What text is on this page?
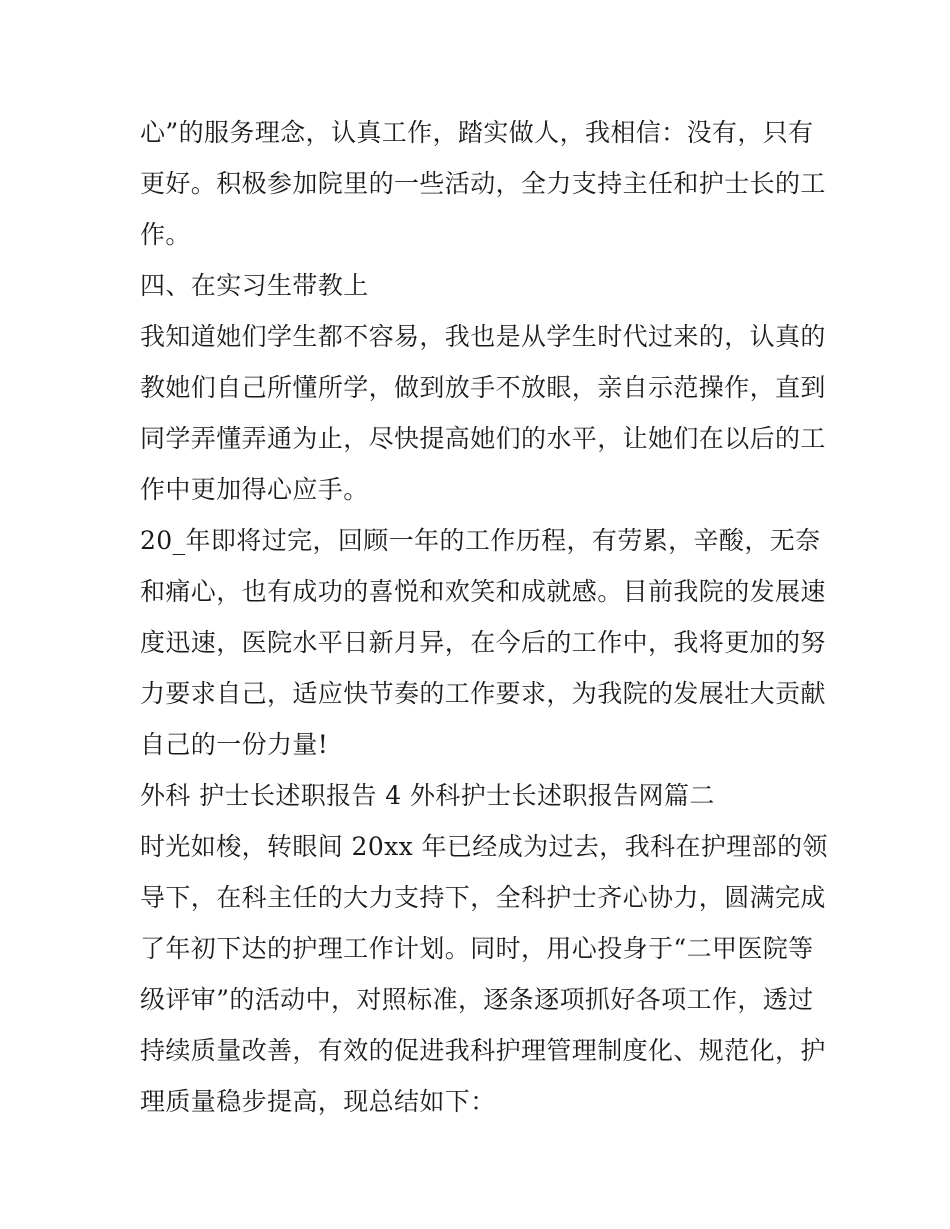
心”的服务理念，认真工作，踏实做人，我相信：没有，只有
更好。积极参加院里的一些活动，全力支持主任和护士长的工
作。
四、在实习生带教上
我知道她们学生都不容易，我也是从学生时代过来的，认真的
教她们自己所懂所学，做到放手不放眼，亲自示范操作，直到
同学弄懂弄通为止，尽快提高她们的水平，让她们在以后的工
作中更加得心应手。
20_年即将过完，回顾一年的工作历程，有劳累，辛酸，无奈
和痛心，也有成功的喜悦和欢笑和成就感。目前我院的发展速
度迅速，医院水平日新月异，在今后的工作中，我将更加的努
力要求自己，适应快节奏的工作要求，为我院的发展壮大贡献
自己的一份力量!
外科 护士长述职报告 4 外科护士长述职报告网篇二
时光如梭，转眼间 20xx 年已经成为过去，我科在护理部的领
导下，在科主任的大力支持下，全科护士齐心协力，圆满完成
了年初下达的护理工作计划。同时，用心投身于“二甲医院等
级评审”的活动中，对照标准，逐条逐项抓好各项工作，透过
持续质量改善，有效的促进我科护理管理制度化、规范化，护
理质量稳步提高，现总结如下：
